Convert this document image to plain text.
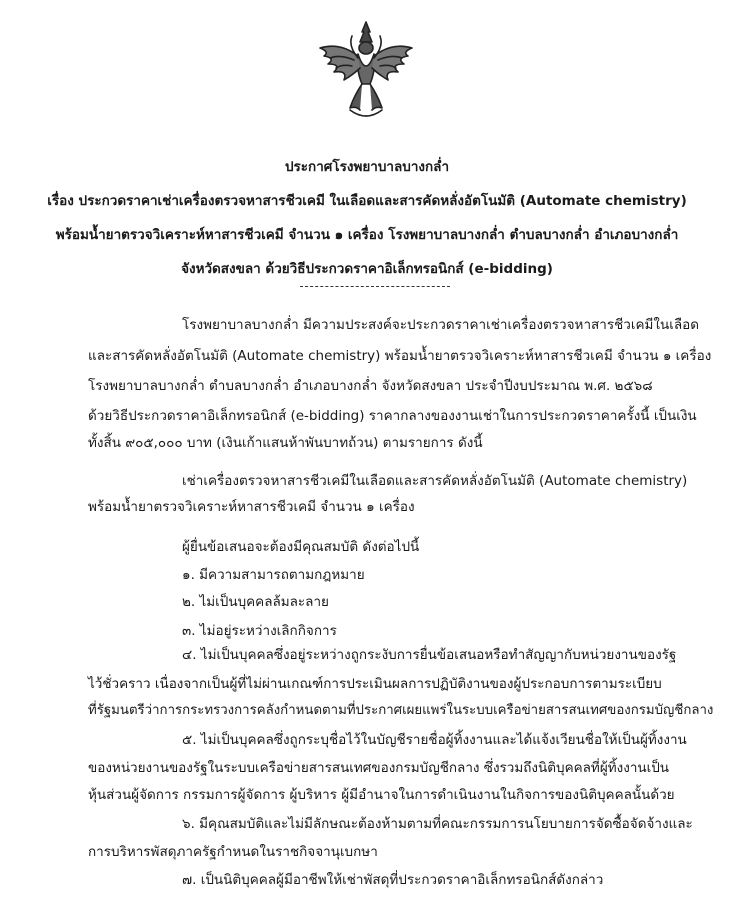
ประกาศโรงพยาบาลบางกล่ำ
เรื่อง ประกวดราคาเช่าเครื่องตรวจหาสารชีวเคมี ในเลือดและสารคัดหลั่งอัตโนมัติ (Automate chemistry)
พร้อมน้ำยาตรวจวิเคราะห์หาสารชีวเคมี จำนวน ๑ เครื่อง โรงพยาบาลบางกล่ำ ตำบลบางกล่ำ อำเภอบางกล่ำ
จังหวัดสงขลา ด้วยวิธีประกวดราคาอิเล็กทรอนิกส์ (e-bidding)
โรงพยาบาลบางกล่ำ มีความประสงค์จะประกวดราคาเช่าเครื่องตรวจหาสารชีวเคมีในเลือด
และสารคัดหลั่งอัตโนมัติ (Automate chemistry) พร้อมน้ำยาตรวจวิเคราะห์หาสารชีวเคมี จำนวน ๑ เครื่อง
โรงพยาบาลบางกล่ำ ตำบลบางกล่ำ อำเภอบางกล่ำ จังหวัดสงขลา ประจำปีงบประมาณ พ.ศ. ๒๕๖๘
ด้วยวิธีประกวดราคาอิเล็กทรอนิกส์ (e-bidding) ราคากลางของงานเช่าในการประกวดราคาครั้งนี้ เป็นเงิน
ทั้งสิ้น ๙๐๕,๐๐๐ บาท (เงินเก้าแสนห้าพันบาทถ้วน) ตามรายการ ดังนี้
เช่าเครื่องตรวจหาสารชีวเคมีในเลือดและสารคัดหลั่งอัตโนมัติ (Automate chemistry)
พร้อมน้ำยาตรวจวิเคราะห์หาสารชีวเคมี จำนวน ๑ เครื่อง
ผู้ยื่นข้อเสนอจะต้องมีคุณสมบัติ ดังต่อไปนี้
๑. มีความสามารถตามกฎหมาย
๒. ไม่เป็นบุคคลล้มละลาย
๓. ไม่อยู่ระหว่างเลิกกิจการ
๔. ไม่เป็นบุคคลซึ่งอยู่ระหว่างถูกระงับการยื่นข้อเสนอหรือทำสัญญากับหน่วยงานของรัฐ
ไว้ชั่วคราว เนื่องจากเป็นผู้ที่ไม่ผ่านเกณฑ์การประเมินผลการปฏิบัติงานของผู้ประกอบการตามระเบียบ
ที่รัฐมนตรีว่าการกระทรวงการคลังกำหนดตามที่ประกาศเผยแพร่ในระบบเครือข่ายสารสนเทศของกรมบัญชีกลาง
๕. ไม่เป็นบุคคลซึ่งถูกระบุชื่อไว้ในบัญชีรายชื่อผู้ทิ้งงานและได้แจ้งเวียนชื่อให้เป็นผู้ทิ้งงาน
ของหน่วยงานของรัฐในระบบเครือข่ายสารสนเทศของกรมบัญชีกลาง ซึ่งรวมถึงนิติบุคคลที่ผู้ทิ้งงานเป็น
หุ้นส่วนผู้จัดการ กรรมการผู้จัดการ ผู้บริหาร ผู้มีอำนาจในการดำเนินงานในกิจการของนิติบุคคลนั้นด้วย
๖. มีคุณสมบัติและไม่มีลักษณะต้องห้ามตามที่คณะกรรมการนโยบายการจัดซื้อจัดจ้างและ
การบริหารพัสดุภาครัฐกำหนดในราชกิจจานุเบกษา
๗. เป็นนิติบุคคลผู้มีอาชีพให้เช่าพัสดุที่ประกวดราคาอิเล็กทรอนิกส์ดังกล่าว
